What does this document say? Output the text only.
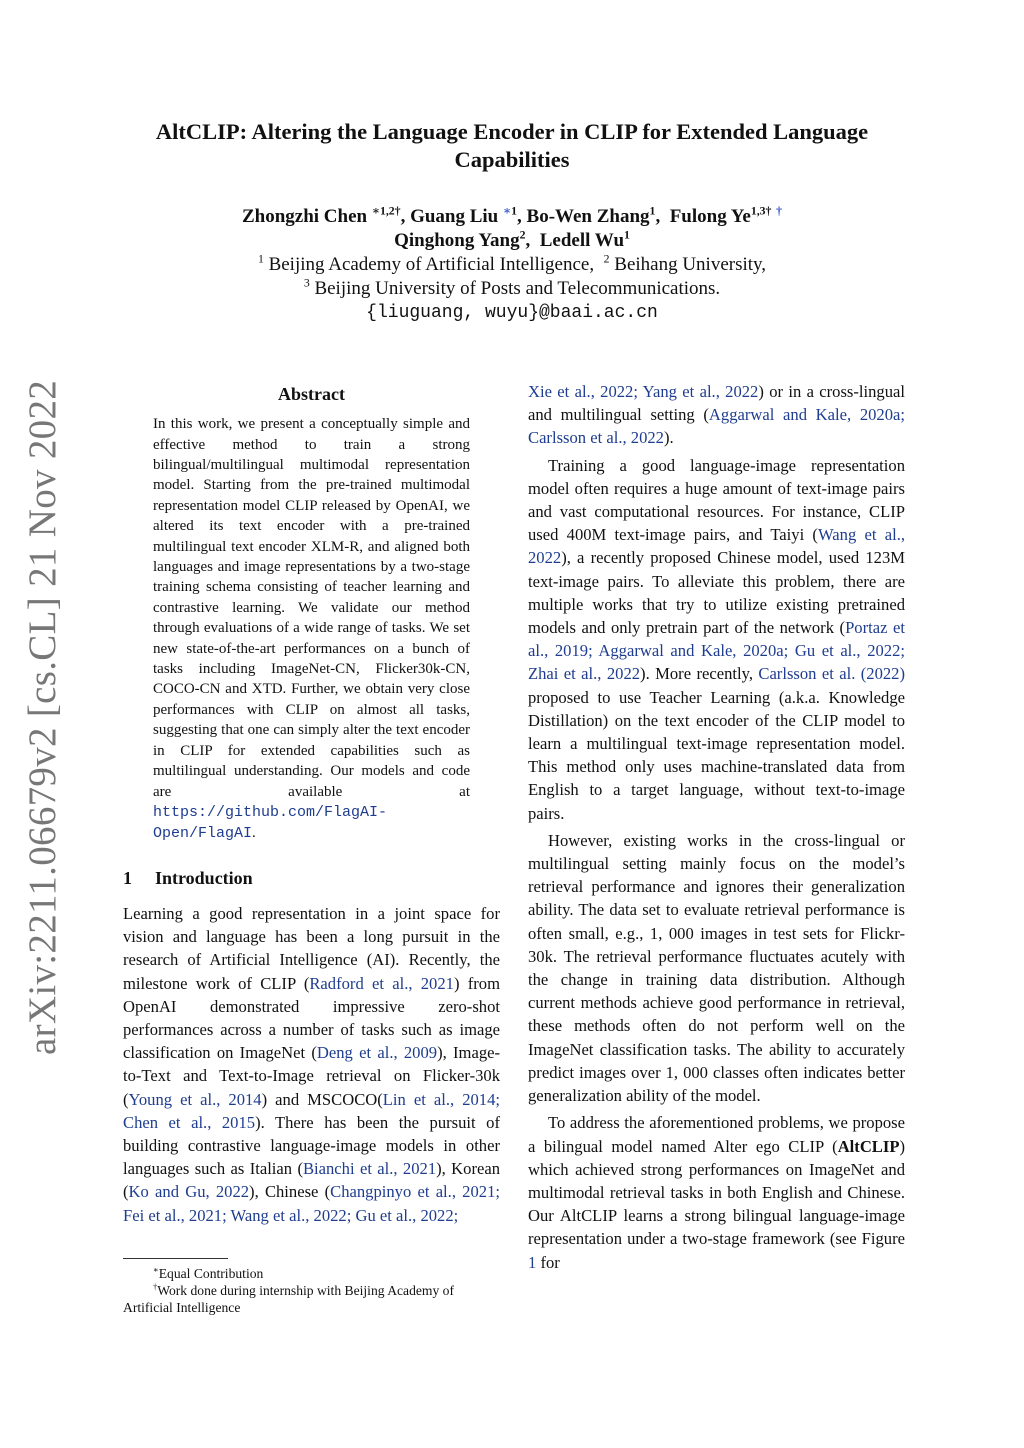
arXiv:2211.06679v2 [cs.CL] 21 Nov 2022
AltCLIP: Altering the Language Encoder in CLIP for Extended Language Capabilities
Zhongzhi Chen $^{∗1,2\dagger}$, Guang Liu $^{∗1}$, Bo-Wen Zhang$^1$,  Fulong $Ye^{1,3\dagger}$ †
Qinghong Yang$^2$,  Ledell Wu$^1$
$^1$ Beijing Academy of Artificial Intelligence, $^2$ Beihang University,
$^3$ Beijing University of Posts and Telecommunications.
{liuguang, wuyu}@baai.ac.cn
Abstract

In this work, we present a conceptually simple and effective method to train a strong bilingual/multilingual multimodal representation model. Starting from the pre-trained multimodal representation model CLIP released by OpenAI, we altered its text encoder with a pre-trained multilingual text encoder XLM-R, and aligned both languages and image representations by a two-stage training schema consisting of teacher learning and contrastive learning. We validate our method through evaluations of a wide range of tasks. We set new state-of-the-art performances on a bunch of tasks including ImageNet-CN, Flicker30k-CN, COCO-CN and XTD. Further, we obtain very close performances with CLIP on almost all tasks, suggesting that one can simply alter the text encoder in CLIP for extended capabilities such as multilingual understanding. Our models and code are available at https://github.com/FlagAI-Open/FlagAI.

1 Introduction

Learning a good representation in a joint space for vision and language has been a long pursuit in the research of Artificial Intelligence (AI). Recently, the milestone work of CLIP (Radford et al., 2021) from OpenAI demonstrated impressive zero-shot performances across a number of tasks such as image classification on ImageNet (Deng et al., 2009), Image-to-Text and Text-to-Image retrieval on Flicker-30k (Young et al., 2014) and MSCOCO(Lin et al., 2014; Chen et al., 2015). There has been the pursuit of building contrastive language-image models in other languages such as Italian (Bianchi et al., 2021), Korean (Ko and Gu, 2022), Chinese (Changpinyo et al., 2021; Fei et al., 2021; Wang et al., 2022; Gu et al., 2022;

∗Equal Contribution

†Work done during internship with Beijing Academy of Artificial Intelligence

Xie et al., 2022; Yang et al., 2022) or in a cross-lingual and multilingual setting (Aggarwal and Kale, 2020a; Carlsson et al., 2022).

Training a good language-image representation model often requires a huge amount of text-image pairs and vast computational resources. For instance, CLIP used 400M text-image pairs, and Taiyi (Wang et al., 2022), a recently proposed Chinese model, used 123M text-image pairs. To alleviate this problem, there are multiple works that try to utilize existing pretrained models and only pretrain part of the network (Portaz et al., 2019; Aggarwal and Kale, 2020a; Gu et al., 2022; Zhai et al., 2022). More recently, Carlsson et al. (2022) proposed to use Teacher Learning (a.k.a. Knowledge Distillation) on the text encoder of the CLIP model to learn a multilingual text-image representation model. This method only uses machine-translated data from English to a target language, without text-to-image pairs.

However, existing works in the cross-lingual or multilingual setting mainly focus on the model’s retrieval performance and ignores their generalization ability. The data set to evaluate retrieval performance is often small, e.g., 1, 000 images in test sets for Flickr-30k. The retrieval performance fluctuates acutely with the change in training data distribution. Although current methods achieve good performance in retrieval, these methods often do not perform well on the ImageNet classification tasks. The ability to accurately predict images over 1, 000 classes often indicates better generalization ability of the model.

To address the aforementioned problems, we propose a bilingual model named Alter ego CLIP (AltCLIP) which achieved strong performances on ImageNet and multimodal retrieval tasks in both English and Chinese. Our AltCLIP learns a strong bilingual language-image representation under a two-stage framework (see Figure 1 for
